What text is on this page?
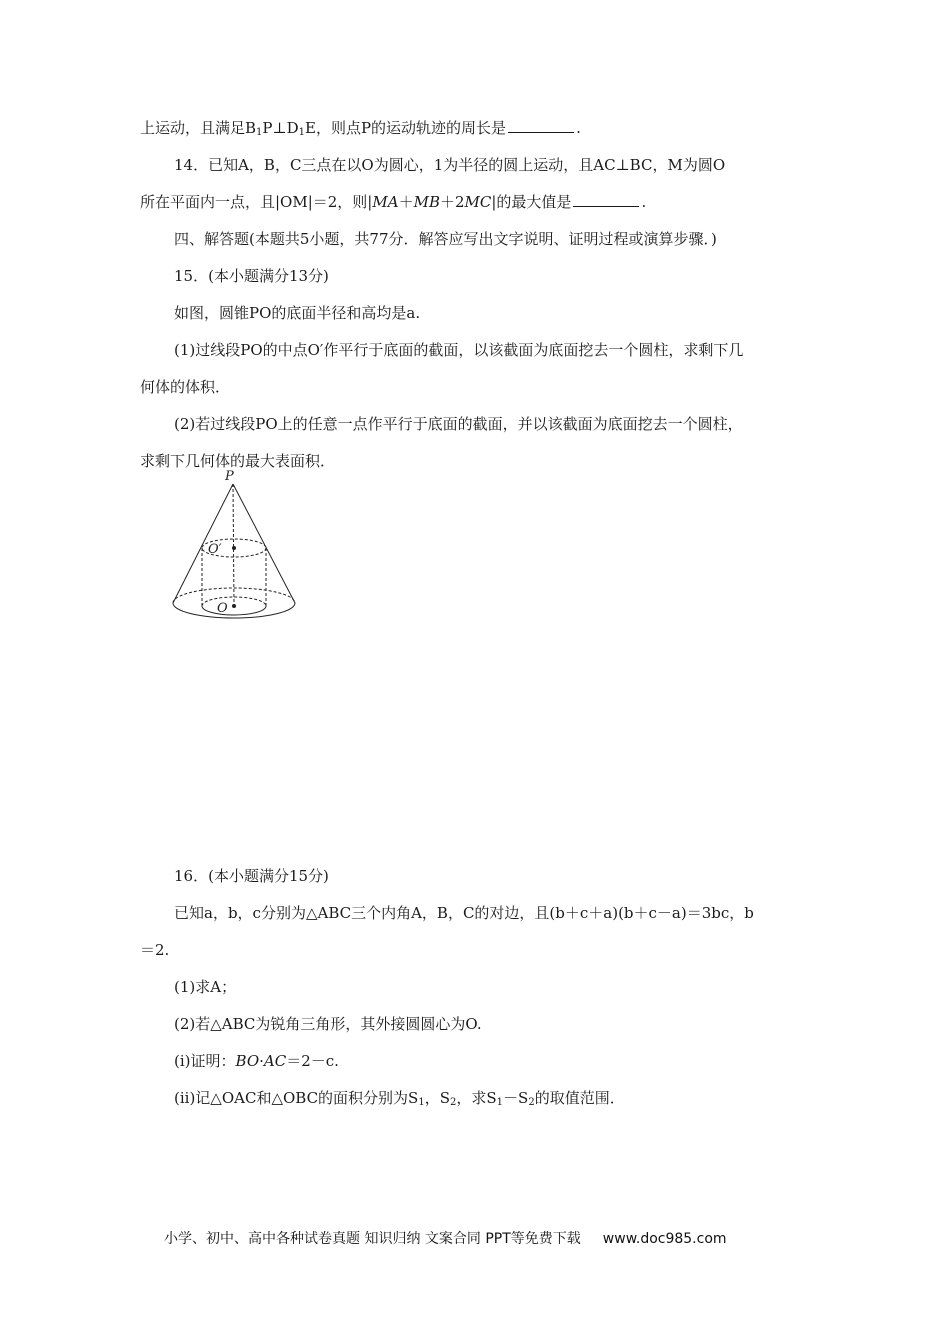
上运动，且满足$B_1P\perp D_1E$，则点P的运动轨迹的周长是	.
14．已知A，B，C三点在以O为圆心，1为半径的圆上运动，且AC⊥BC，M为圆O
所在平面内一点，且|OM|＝2，则|MA＋MB＋2MC|的最大值是	.
四、解答题(本题共5小题，共77分．解答应写出文字说明、证明过程或演算步骤．)
15．(本小题满分13分)
如图，圆锥PO的底面半径和高均是a.
(1)过线段PO的中点O′作平行于底面的截面，以该截面为底面挖去一个圆柱，求剩下几
何体的体积．
(2)若过线段PO上的任意一点作平行于底面的截面，并以该截面为底面挖去一个圆柱，
求剩下几何体的最大表面积．
P
O′
O
16．(本小题满分15分)
已知a，b，c分别为△ABC三个内角A，B，C的对边，且(b＋c＋a)(b＋c－a)＝3bc，b
＝2.
(1)求A；
(2)若△ABC为锐角三角形，其外接圆圆心为O.
(i)证明：BO·AC＝2－c.
(ii)记△OAC和△OBC的面积分别为$S_1$，$S_2$，求$S_1-S_2$的取值范围．
小学、初中、高中各种试卷真题 知识归纳 文案合同 PPT等免费下载 www.doc985.com
